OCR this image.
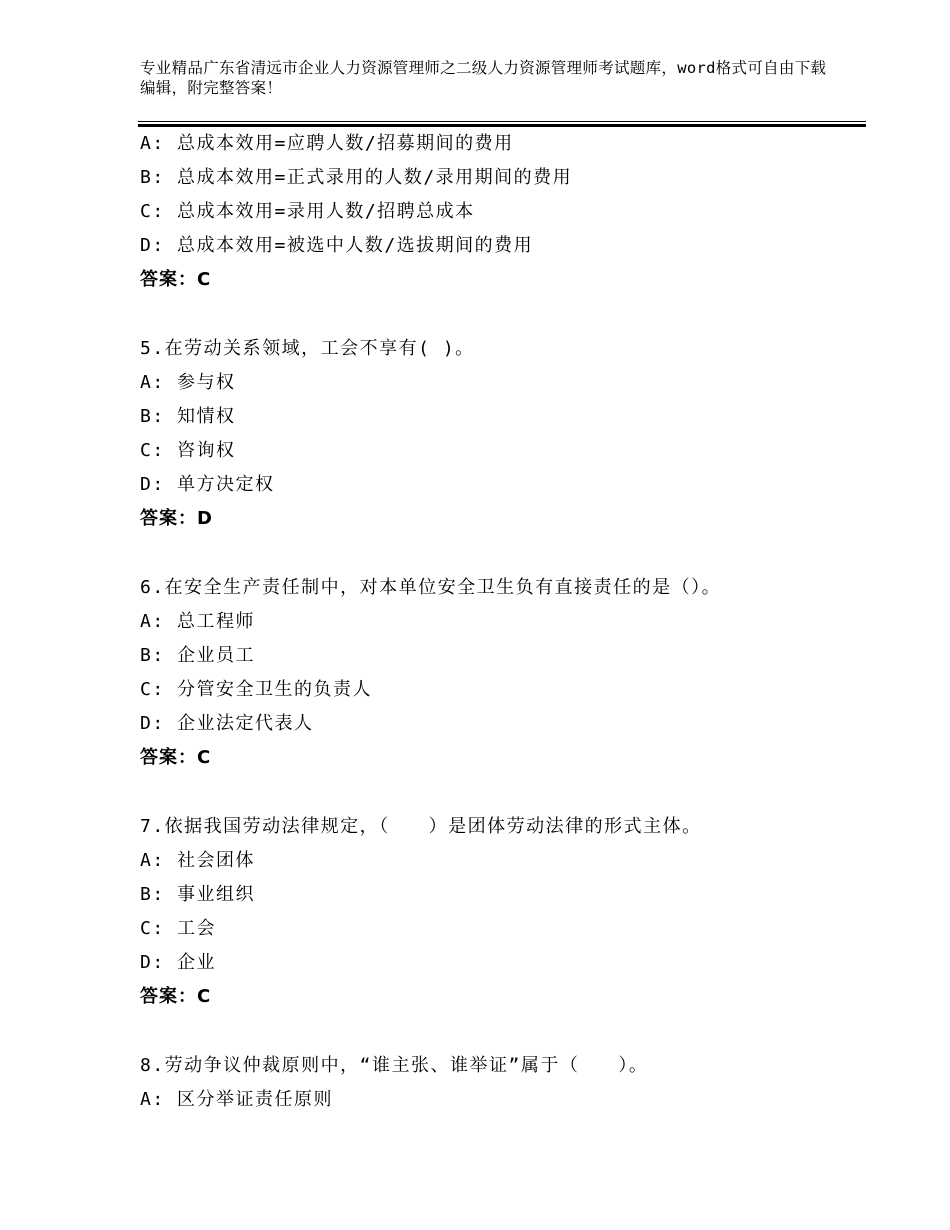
专业精品广东省清远市企业人力资源管理师之二级人力资源管理师考试题库，word格式可自由下载编辑，附完整答案！
A: 总成本效用=应聘人数/招募期间的费用
B: 总成本效用=正式录用的人数/录用期间的费用
C: 总成本效用=录用人数/招聘总成本
D: 总成本效用=被选中人数/选拔期间的费用
答案：C
5.在劳动关系领域，工会不享有( )。
A: 参与权
B: 知情权
C: 咨询权
D: 单方决定权
答案：D
6.在安全生产责任制中，对本单位安全卫生负有直接责任的是（）。
A: 总工程师
B: 企业员工
C: 分管安全卫生的负责人
D: 企业法定代表人
答案：C
7.依据我国劳动法律规定，（　　）是团体劳动法律的形式主体。
A: 社会团体
B: 事业组织
C: 工会
D: 企业
答案：C
8.劳动争议仲裁原则中，“谁主张、谁举证”属于（　　）。
A: 区分举证责任原则
